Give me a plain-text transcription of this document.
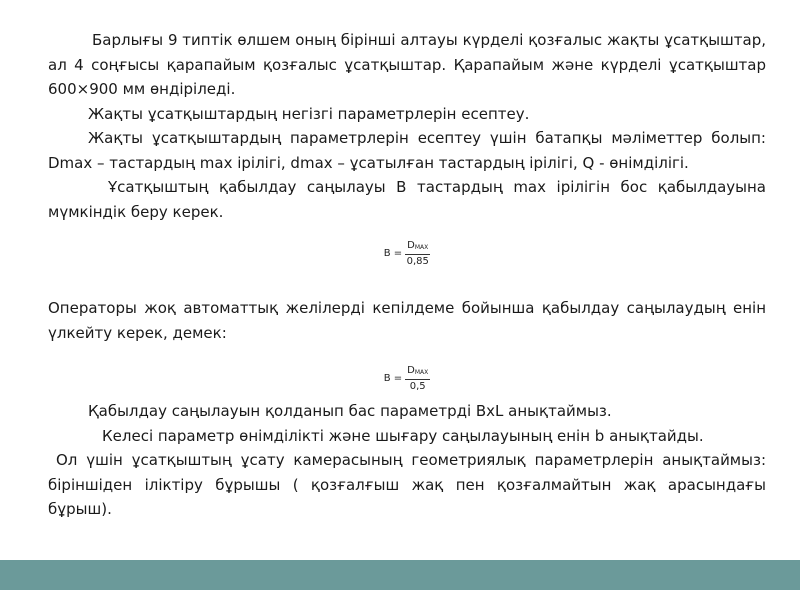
Барлығы 9 типтік өлшем оның бірінші алтауы күрделі қозғалыс жақты ұсатқыштар, ал 4 соңғысы қарапайым қозғалыс ұсатқыштар. Қарапайым және күрделі ұсатқыштар 600×900 мм өндіріледі.

Жақты ұсатқыштардың негізгі параметрлерін есептеу.

Жақты ұсатқыштардың параметрлерін есептеу үшін батапқы мәліметтер болып: Dmax – тастардың max ірілігі, dmax – ұсатылған тастардың ірілігі, Q - өнімділігі.

Ұсатқыштың қабылдау саңылауы В тастардың max ірілігін бос қабылдауына мүмкіндік беру керек.

$B = \frac{D_{MAX}}{0,85}$

Операторы жоқ автоматтық желілерді кепілдеме бойынша қабылдау саңылаудың енін үлкейту керек, демек:

$B = \frac{D_{MAX}}{0,5}$

Қабылдау саңылауын қолданып бас параметрді BxL анықтаймыз.

Келесі параметр өнімділікті және шығару саңылауының енін b анықтайды.

Ол үшін ұсатқыштың ұсату камерасының геометриялық параметрлерін анықтаймыз: біріншіден іліктіру бұрышы ( қозғалғыш жақ пен қозғалмайтын жақ арасындағы бұрыш).
